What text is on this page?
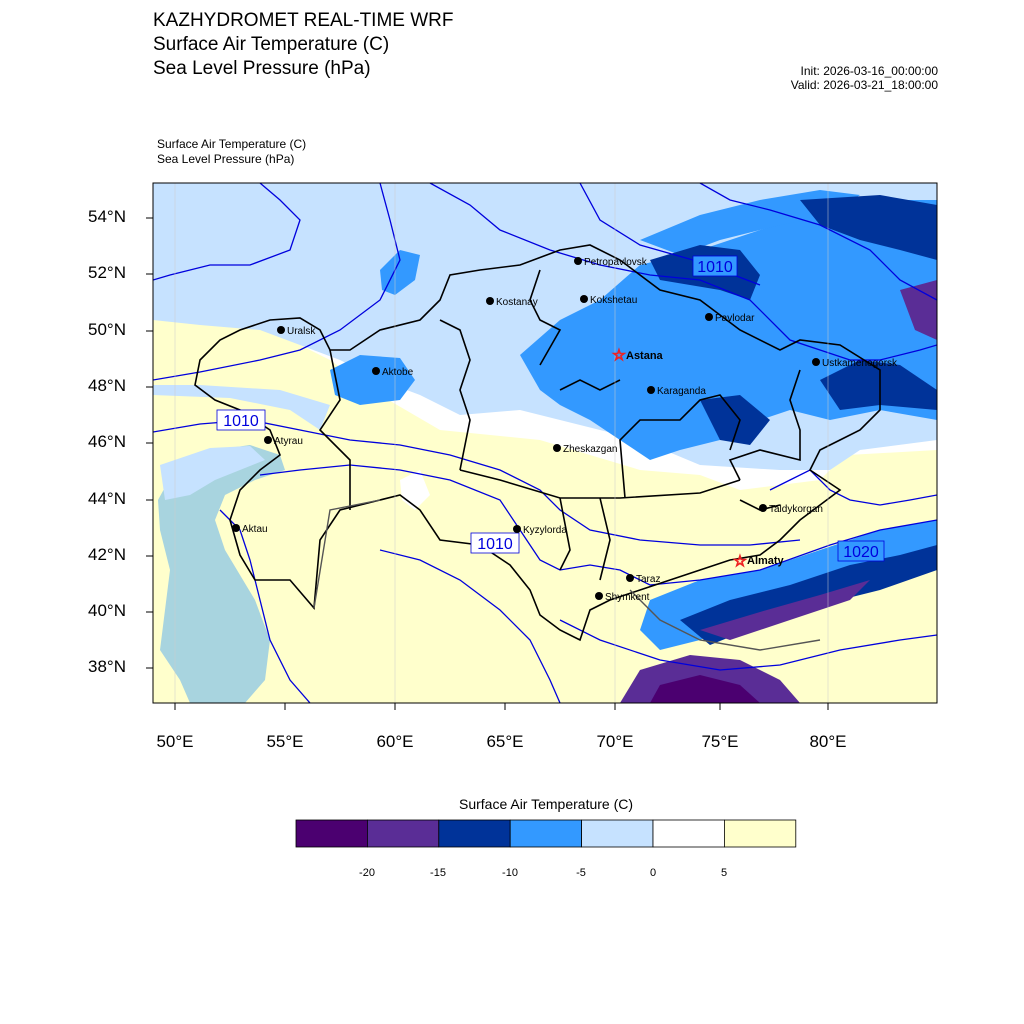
KAZHYDROMET REAL-TIME WRF
Surface Air Temperature (C)
Sea Level Pressure (hPa)	Init: 2026-03-16_00:00:00
Valid: 2026-03-21_18:00:00
Surface Air Temperature (C)
Sea Level Pressure (hPa)
1010
1010
1010
1020
Petropavlovsk
Kostanay	Kokshetau
Pavlodar
Uralsk
Aktobe
☆ Astana
Ustkamenogorsk
Karaganda
Atyrau
Zheskazgan
Taldykorgan
Aktau	Kyzylorda
☆ Almaty
Taraz
Shymkent
54°N
52°N
50°N
48°N
46°N
44°N
42°N
40°N
38°N
50°E	55°E	60°E	65°E	70°E	75°E	80°E
Surface Air Temperature (C)
-20	-15	-10	-5	0	5
